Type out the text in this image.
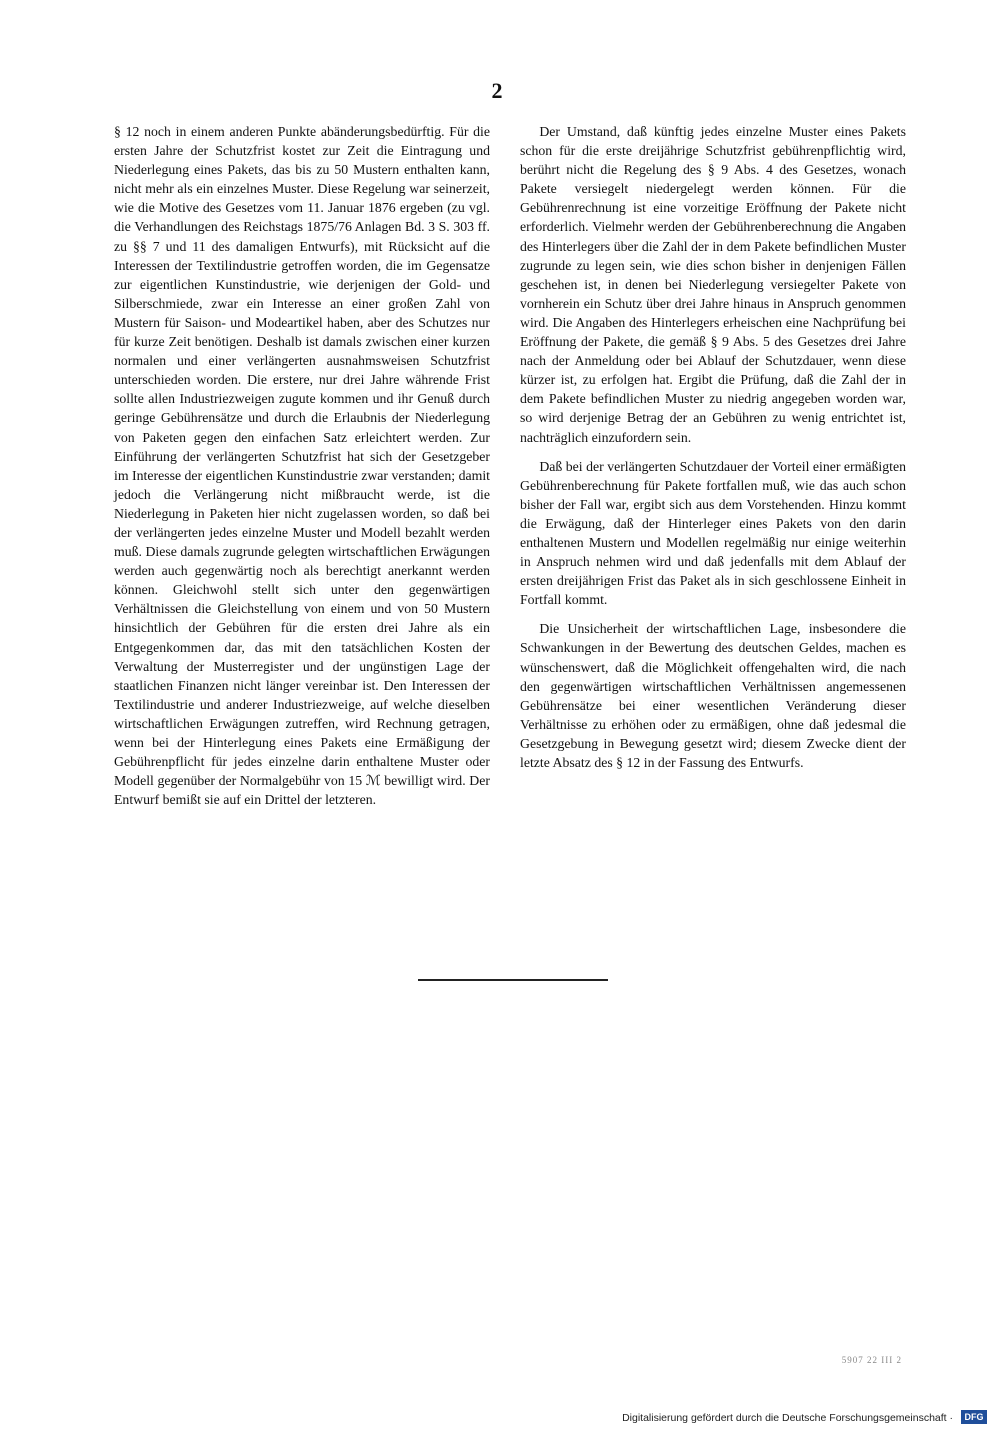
2

§ 12 noch in einem anderen Punkte abänderungsbedürftig. Für die ersten Jahre der Schutzfrist kostet zur Zeit die Eintragung und Niederlegung eines Pakets, das bis zu 50 Mustern enthalten kann, nicht mehr als ein einzelnes Muster. Diese Regelung war seinerzeit, wie die Motive des Gesetzes vom 11. Januar 1876 ergeben (zu vgl. die Verhandlungen des Reichstags 1875/76 Anlagen Bd. 3 S. 303 ff. zu §§ 7 und 11 des damaligen Entwurfs), mit Rücksicht auf die Interessen der Textilindustrie getroffen worden, die im Gegensatze zur eigentlichen Kunstindustrie, wie derjenigen der Gold- und Silberschmiede, zwar ein Interesse an einer großen Zahl von Mustern für Saison- und Modeartikel haben, aber des Schutzes nur für kurze Zeit benötigen. Deshalb ist damals zwischen einer kurzen normalen und einer verlängerten ausnahmsweisen Schutzfrist unterschieden worden. Die erstere, nur drei Jahre währende Frist sollte allen Industriezweigen zugute kommen und ihr Genuß durch geringe Gebührensätze und durch die Erlaubnis der Niederlegung von Paketen gegen den einfachen Satz erleichtert werden. Zur Einführung der verlängerten Schutzfrist hat sich der Gesetzgeber im Interesse der eigentlichen Kunstindustrie zwar verstanden; damit jedoch die Verlängerung nicht mißbraucht werde, ist die Niederlegung in Paketen hier nicht zugelassen worden, so daß bei der verlängerten jedes einzelne Muster und Modell bezahlt werden muß. Diese damals zugrunde gelegten wirtschaftlichen Erwägungen werden auch gegenwärtig noch als berechtigt anerkannt werden können. Gleichwohl stellt sich unter den gegenwärtigen Verhältnissen die Gleichstellung von einem und von 50 Mustern hinsichtlich der Gebühren für die ersten drei Jahre als ein Entgegenkommen dar, das mit den tatsächlichen Kosten der Verwaltung der Musterregister und der ungünstigen Lage der staatlichen Finanzen nicht länger vereinbar ist. Den Interessen der Textilindustrie und anderer Industriezweige, auf welche dieselben wirtschaftlichen Erwägungen zutreffen, wird Rechnung getragen, wenn bei der Hinterlegung eines Pakets eine Ermäßigung der Gebührenpflicht für jedes einzelne darin enthaltene Muster oder Modell gegenüber der Normalgebühr von 15 ℳ bewilligt wird. Der Entwurf bemißt sie auf ein Drittel der letzteren.

Der Umstand, daß künftig jedes einzelne Muster eines Pakets schon für die erste dreijährige Schutzfrist gebührenpflichtig wird, berührt nicht die Regelung des § 9 Abs. 4 des Gesetzes, wonach Pakete versiegelt niedergelegt werden können. Für die Gebührenrechnung ist eine vorzeitige Eröffnung der Pakete nicht erforderlich. Vielmehr werden der Gebührenberechnung die Angaben des Hinterlegers über die Zahl der in dem Pakete befindlichen Muster zugrunde zu legen sein, wie dies schon bisher in denjenigen Fällen geschehen ist, in denen bei Niederlegung versiegelter Pakete von vornherein ein Schutz über drei Jahre hinaus in Anspruch genommen wird. Die Angaben des Hinterlegers erheischen eine Nachprüfung bei Eröffnung der Pakete, die gemäß § 9 Abs. 5 des Gesetzes drei Jahre nach der Anmeldung oder bei Ablauf der Schutzdauer, wenn diese kürzer ist, zu erfolgen hat. Ergibt die Prüfung, daß die Zahl der in dem Pakete befindlichen Muster zu niedrig angegeben worden war, so wird derjenige Betrag der an Gebühren zu wenig entrichtet ist, nachträglich einzufordern sein.

Daß bei der verlängerten Schutzdauer der Vorteil einer ermäßigten Gebührenberechnung für Pakete fortfallen muß, wie das auch schon bisher der Fall war, ergibt sich aus dem Vorstehenden. Hinzu kommt die Erwägung, daß der Hinterleger eines Pakets von den darin enthaltenen Mustern und Modellen regelmäßig nur einige weiterhin in Anspruch nehmen wird und daß jedenfalls mit dem Ablauf der ersten dreijährigen Frist das Paket als in sich geschlossene Einheit in Fortfall kommt.

Die Unsicherheit der wirtschaftlichen Lage, insbesondere die Schwankungen in der Bewertung des deutschen Geldes, machen es wünschenswert, daß die Möglichkeit offengehalten wird, die nach den gegenwärtigen wirtschaftlichen Verhältnissen angemessenen Gebührensätze bei einer wesentlichen Veränderung dieser Verhältnisse zu erhöhen oder zu ermäßigen, ohne daß jedesmal die Gesetzgebung in Bewegung gesetzt wird; diesem Zwecke dient der letzte Absatz des § 12 in der Fassung des Entwurfs.

5907 22 III 2
Digitalisierung gefördert durch die Deutsche Forschungsgemeinschaft ·	DFG
